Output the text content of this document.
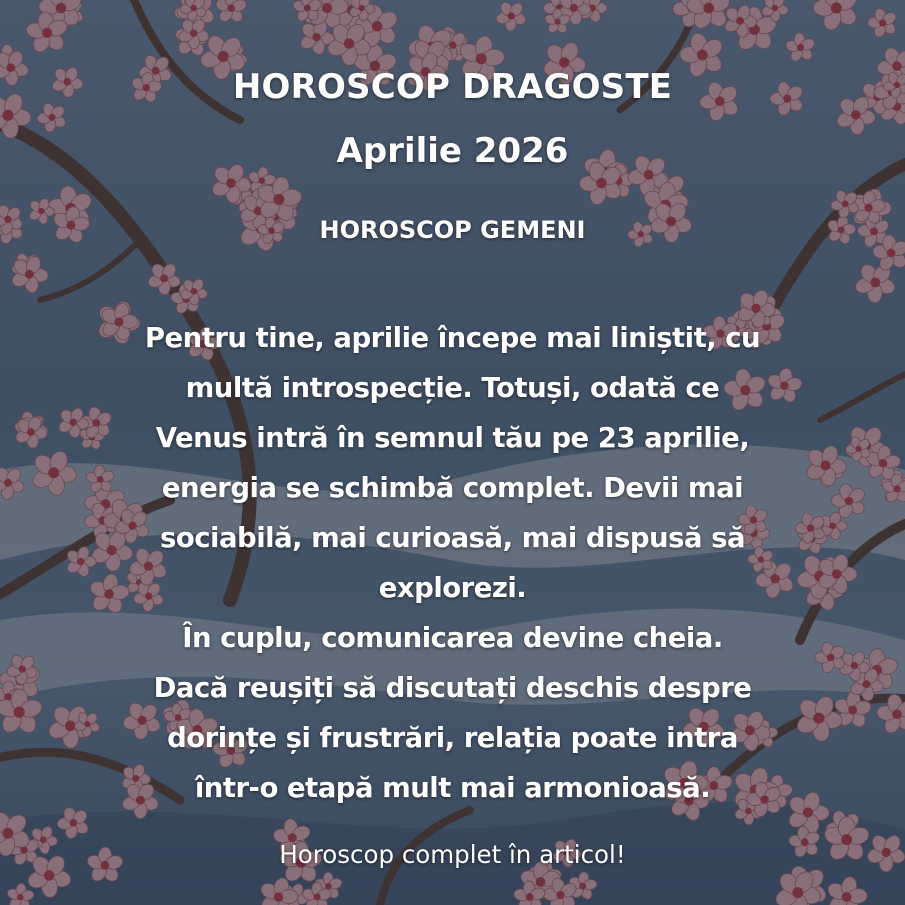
HOROSCOP DRAGOSTE
Aprilie 2026
HOROSCOP GEMENI
Pentru tine, aprilie începe mai liniștit, cu
multă introspecție. Totuși, odată ce
Venus intră în semnul tău pe 23 aprilie,
energia se schimbă complet. Devii mai
sociabilă, mai curioasă, mai dispusă să
explorezi.
În cuplu, comunicarea devine cheia.
Dacă reușiți să discutați deschis despre
dorințe și frustrări, relația poate intra
într-o etapă mult mai armonioasă.
Horoscop complet în articol!
